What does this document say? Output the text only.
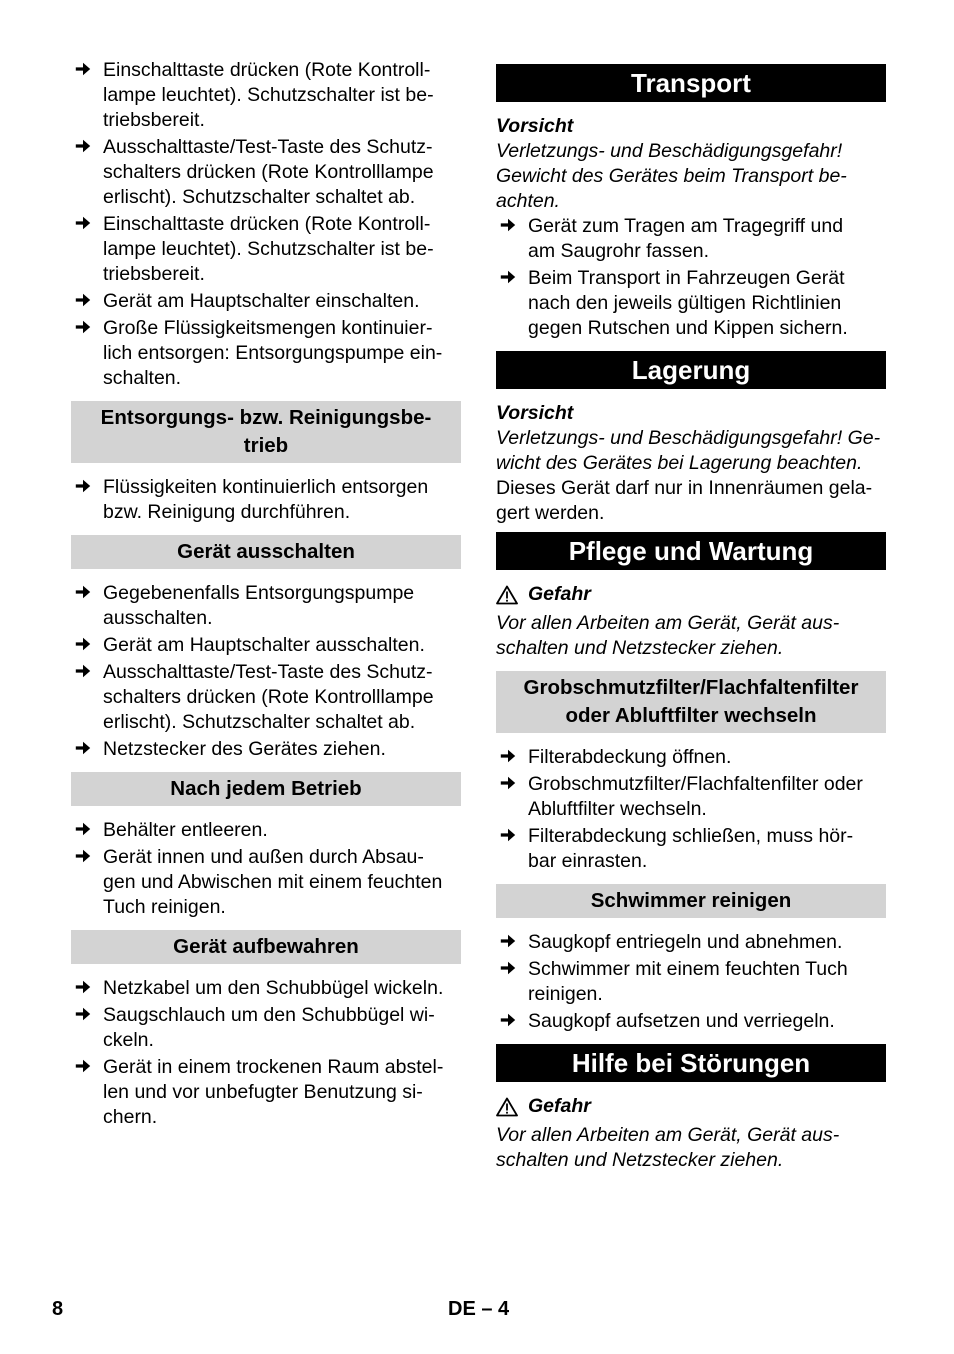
Einschalttaste drücken (Rote Kontroll-
lampe leuchtet). Schutzschalter ist be-
triebsbereit.
Ausschalttaste/Test-Taste des Schutz-
schalters drücken (Rote Kontrolllampe
erlischt). Schutzschalter schaltet ab.
Einschalttaste drücken (Rote Kontroll-
lampe leuchtet). Schutzschalter ist be-
triebsbereit.
Gerät am Hauptschalter einschalten.
Große Flüssigkeitsmengen kontinuier-
lich entsorgen: Entsorgungspumpe ein-
schalten.
Entsorgungs- bzw. Reinigungsbe-
trieb
Flüssigkeiten kontinuierlich entsorgen
bzw. Reinigung durchführen.
Gerät ausschalten
Gegebenenfalls Entsorgungspumpe
ausschalten.
Gerät am Hauptschalter ausschalten.
Ausschalttaste/Test-Taste des Schutz-
schalters drücken (Rote Kontrolllampe
erlischt). Schutzschalter schaltet ab.
Netzstecker des Gerätes ziehen.
Nach jedem Betrieb
Behälter entleeren.
Gerät innen und außen durch Absau-
gen und Abwischen mit einem feuchten
Tuch reinigen.
Gerät aufbewahren
Netzkabel um den Schubbügel wickeln.
Saugschlauch um den Schubbügel wi-
ckeln.
Gerät in einem trockenen Raum abstel-
len und vor unbefugter Benutzung si-
chern.
Transport
Vorsicht
Verletzungs- und Beschädigungsgefahr!
Gewicht des Gerätes beim Transport be-
achten.
Gerät zum Tragen am Tragegriff und
am Saugrohr fassen.
Beim Transport in Fahrzeugen Gerät
nach den jeweils gültigen Richtlinien
gegen Rutschen und Kippen sichern.
Lagerung
Vorsicht
Verletzungs- und Beschädigungsgefahr! Ge-
wicht des Gerätes bei Lagerung beachten.
Dieses Gerät darf nur in Innenräumen gela-
gert werden.
Pflege und Wartung
Gefahr
Vor allen Arbeiten am Gerät, Gerät aus-
schalten und Netzstecker ziehen.
Grobschmutzfilter/Flachfaltenfilter
oder Abluftfilter wechseln
Filterabdeckung öffnen.
Grobschmutzfilter/Flachfaltenfilter oder
Abluftfilter wechseln.
Filterabdeckung schließen, muss hör-
bar einrasten.
Schwimmer reinigen
Saugkopf entriegeln und abnehmen.
Schwimmer mit einem feuchten Tuch
reinigen.
Saugkopf aufsetzen und verriegeln.
Hilfe bei Störungen
Gefahr
Vor allen Arbeiten am Gerät, Gerät aus-
schalten und Netzstecker ziehen.
8	DE – 4
